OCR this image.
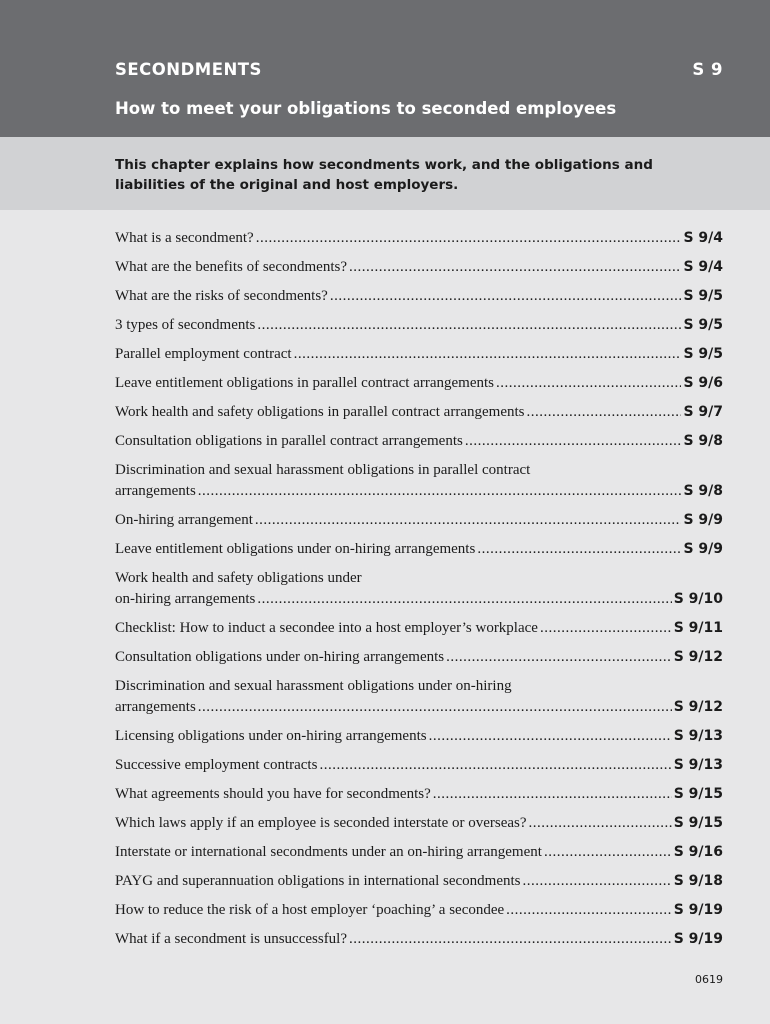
SECONDMENTS	S 9
How to meet your obligations to seconded employees
This chapter explains how secondments work, and the obligations and liabilities of the original and host employers.
What is a secondment? .....	S 9/4
What are the benefits of secondments? .....	S 9/4
What are the risks of secondments? .....	S 9/5
3 types of secondments .....	S 9/5
Parallel employment contract .....	S 9/5
Leave entitlement obligations in parallel contract arrangements .....	S 9/6
Work health and safety obligations in parallel contract arrangements .....	S 9/7
Consultation obligations in parallel contract arrangements .....	S 9/8
Discrimination and sexual harassment obligations in parallel contract
arrangements .....	S 9/8
On-hiring arrangement .....	S 9/9
Leave entitlement obligations under on-hiring arrangements .....	S 9/9
Work health and safety obligations under
on-hiring arrangements .....	S 9/10
Checklist: How to induct a secondee into a host employer’s workplace .....	S 9/11
Consultation obligations under on-hiring arrangements .....	S 9/12
Discrimination and sexual harassment obligations under on-hiring
arrangements .....	S 9/12
Licensing obligations under on-hiring arrangements .....	S 9/13
Successive employment contracts .....	S 9/13
What agreements should you have for secondments? .....	S 9/15
Which laws apply if an employee is seconded interstate or overseas? .....	S 9/15
Interstate or international secondments under an on-hiring arrangement .....	S 9/16
PAYG and superannuation obligations in international secondments .....	S 9/18
How to reduce the risk of a host employer ‘poaching’ a secondee .....	S 9/19
What if a secondment is unsuccessful? .....	S 9/19
0619
